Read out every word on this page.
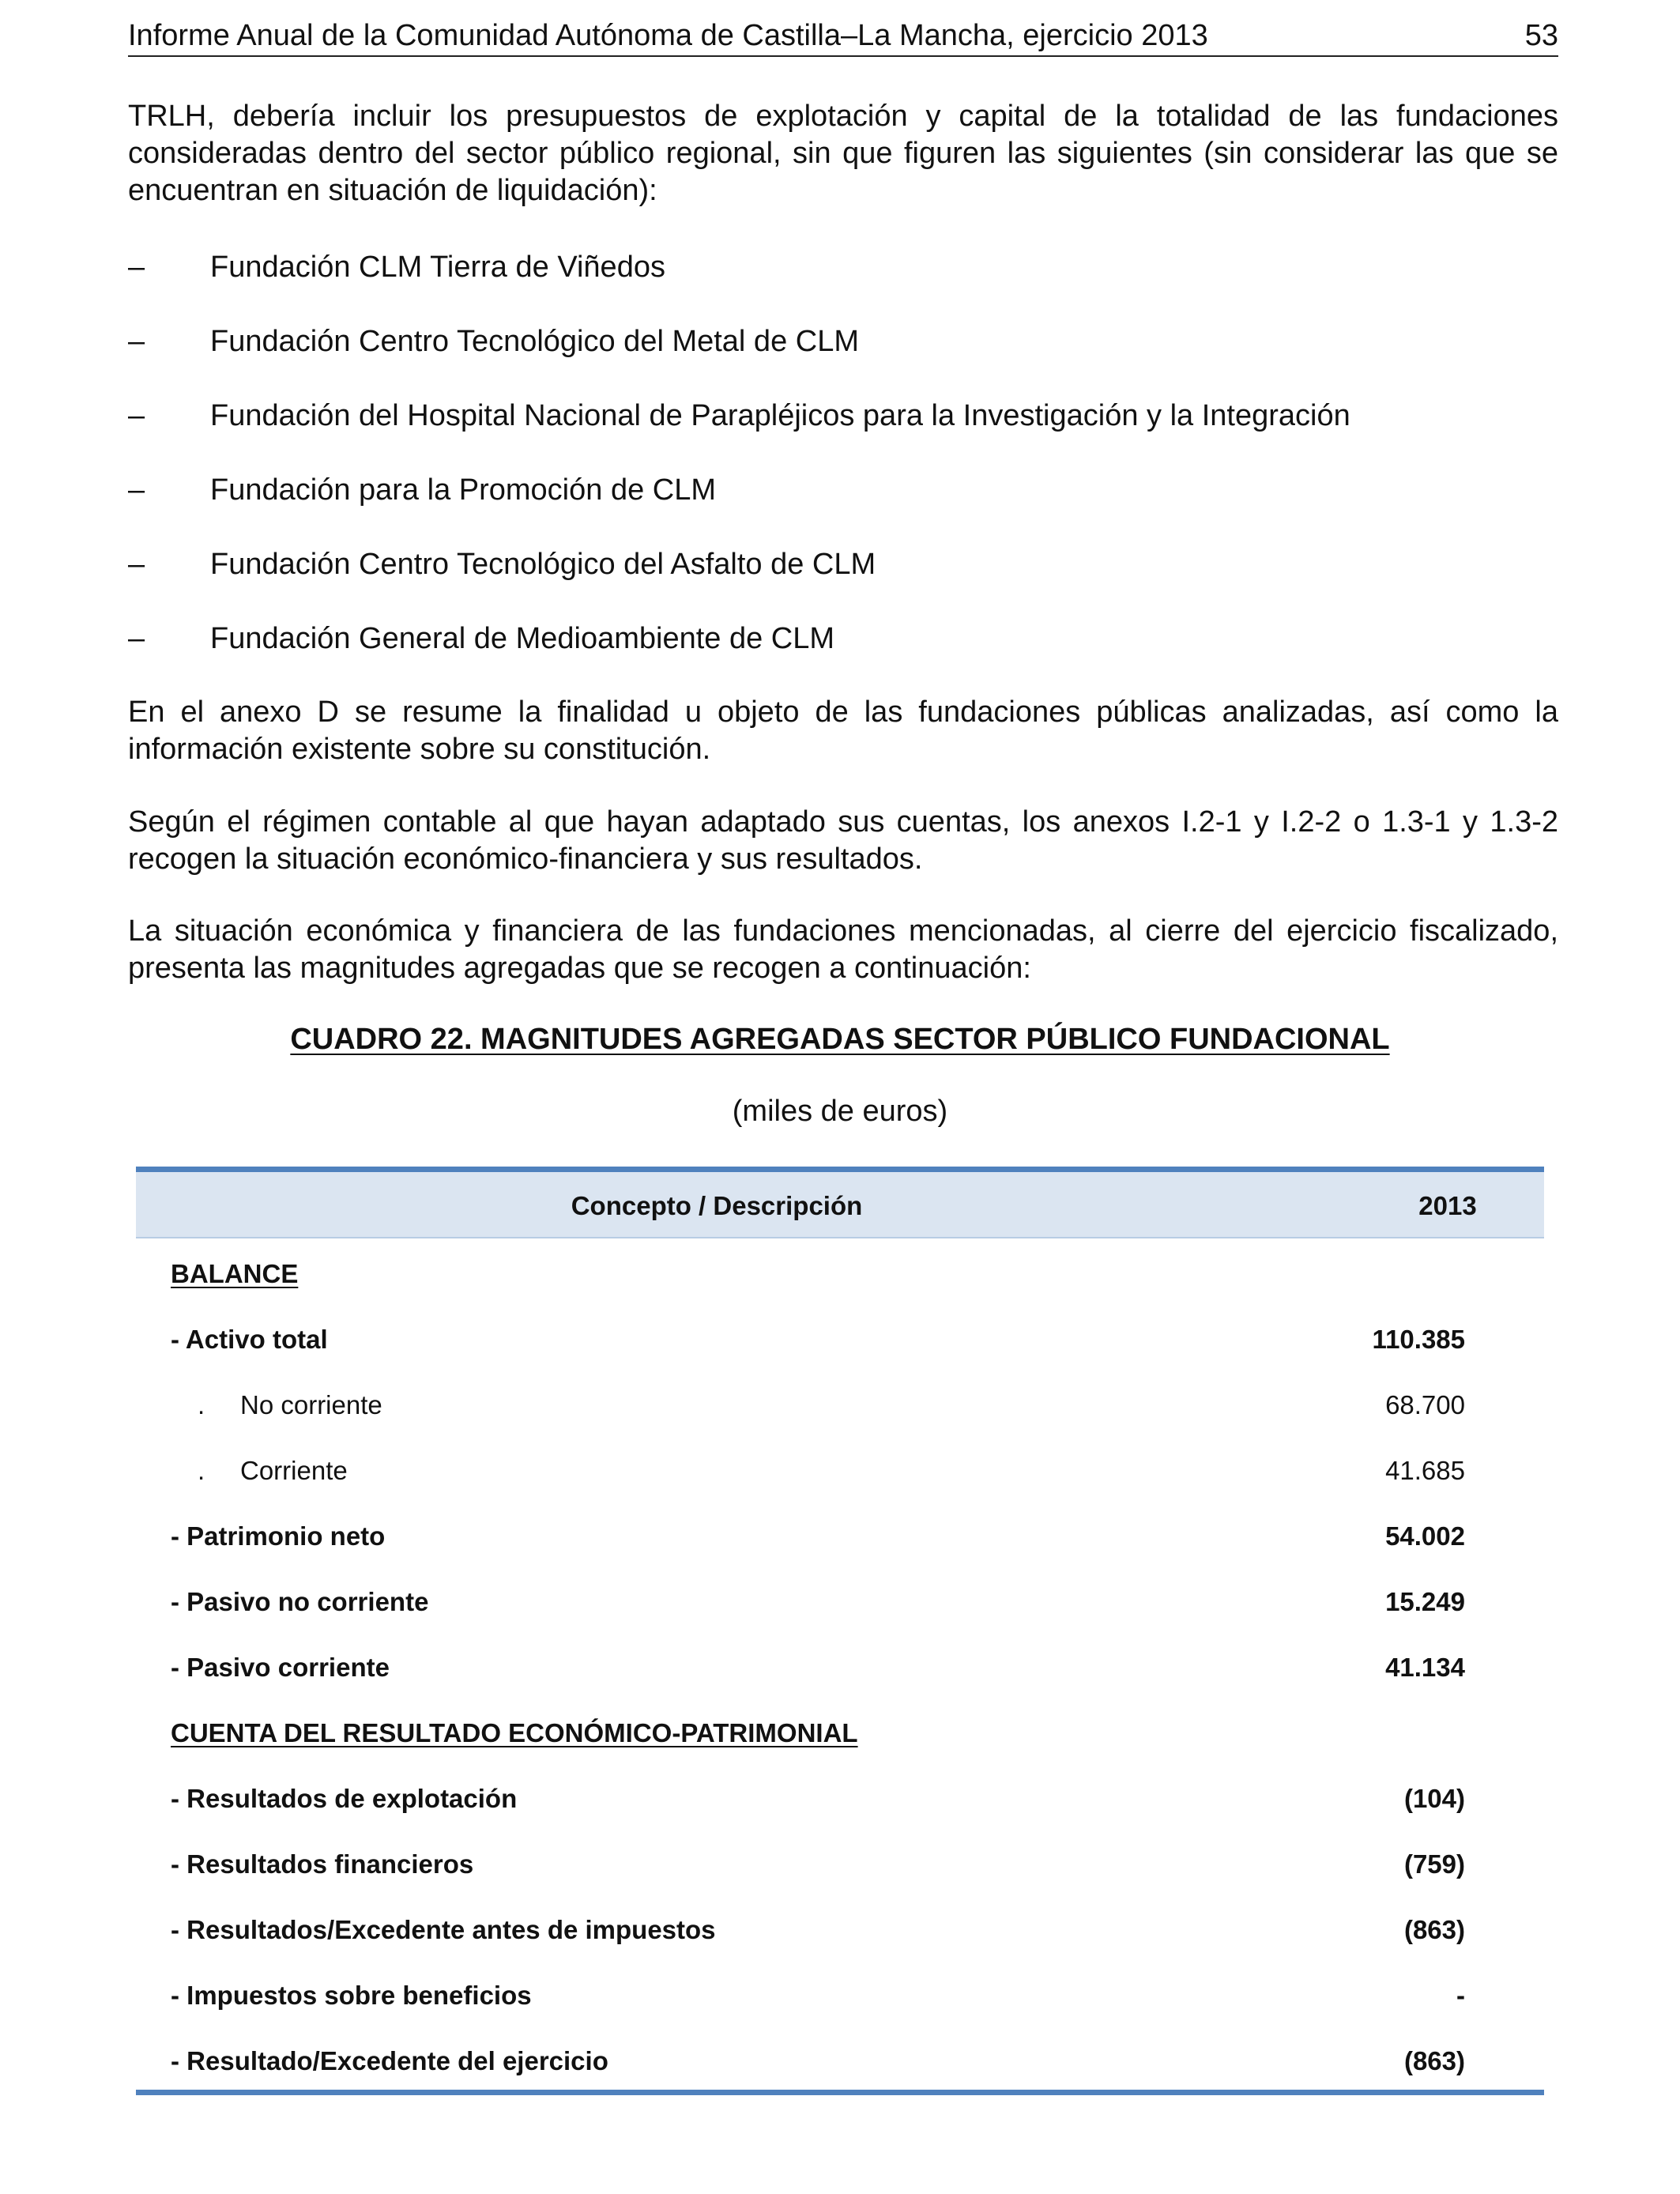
Informe Anual de la Comunidad Autónoma de Castilla–La Mancha, ejercicio 2013	53
TRLH, debería incluir los presupuestos de explotación y capital de la totalidad de las fundaciones consideradas dentro del sector público regional, sin que figuren las siguientes (sin considerar las que se encuentran en situación de liquidación):
– Fundación CLM Tierra de Viñedos
– Fundación Centro Tecnológico del Metal de CLM
– Fundación del Hospital Nacional de Parapléjicos para la Investigación y la Integración
– Fundación para la Promoción de CLM
– Fundación Centro Tecnológico del Asfalto de CLM
– Fundación General de Medioambiente de CLM
En el anexo D se resume la finalidad u objeto de las fundaciones públicas analizadas, así como la información existente sobre su constitución.
Según el régimen contable al que hayan adaptado sus cuentas, los anexos I.2-1 y I.2-2 o 1.3-1 y 1.3-2 recogen la situación económico-financiera y sus resultados.
La situación económica y financiera de las fundaciones mencionadas, al cierre del ejercicio fiscalizado, presenta las magnitudes agregadas que se recogen a continuación:
CUADRO 22. MAGNITUDES AGREGADAS SECTOR PÚBLICO FUNDACIONAL
(miles de euros)
Concepto / Descripción	2013
BALANCE
- Activo total	110.385
. No corriente	68.700
. Corriente	41.685
- Patrimonio neto	54.002
- Pasivo no corriente	15.249
- Pasivo corriente	41.134
CUENTA DEL RESULTADO ECONÓMICO-PATRIMONIAL
- Resultados de explotación	(104)
- Resultados financieros	(759)
- Resultados/Excedente antes de impuestos	(863)
- Impuestos sobre beneficios	-
- Resultado/Excedente del ejercicio	(863)
